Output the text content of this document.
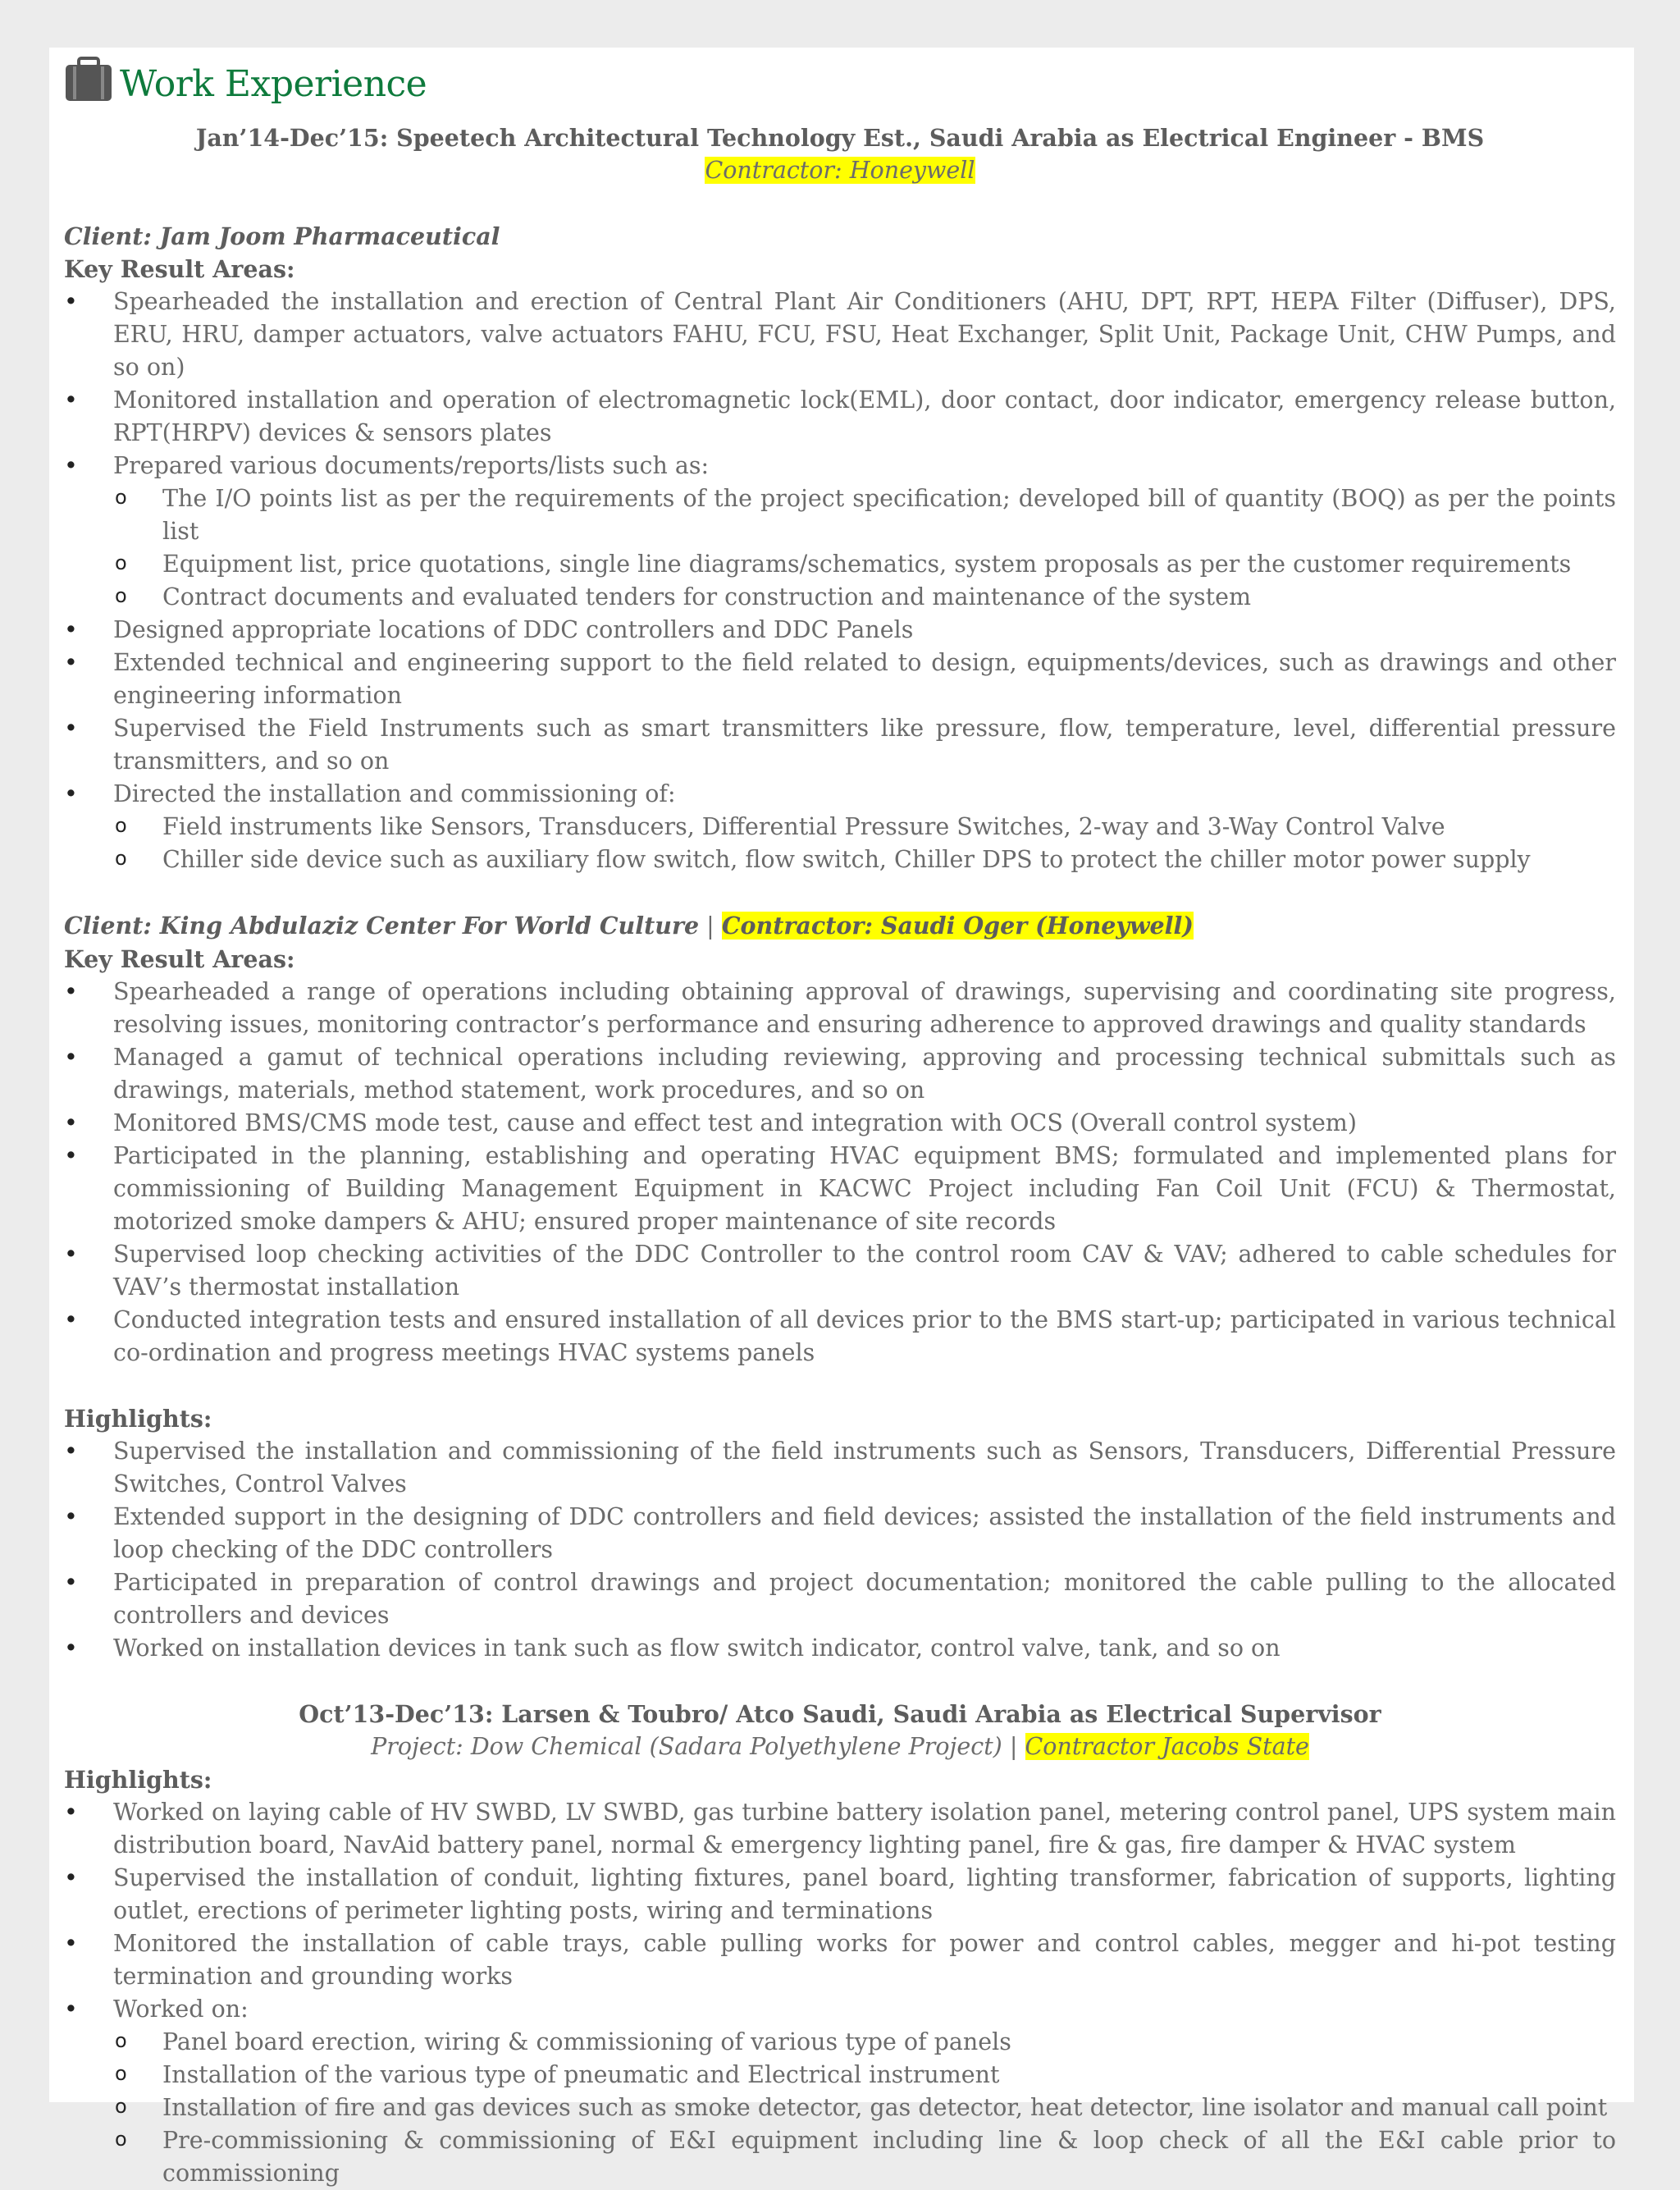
Work Experience
Jan’14-Dec’15: Speetech Architectural Technology Est., Saudi Arabia as Electrical Engineer - BMS
Contractor: Honeywell
Client: Jam Joom Pharmaceutical
Key Result Areas:
• Spearheaded the installation and erection of Central Plant Air Conditioners (AHU, DPT, RPT, HEPA Filter (Diffuser), DPS, ERU, HRU, damper actuators, valve actuators FAHU, FCU, FSU, Heat Exchanger, Split Unit, Package Unit, CHW Pumps, and so on)
• Monitored installation and operation of electromagnetic lock(EML), door contact, door indicator, emergency release button, RPT(HRPV) devices & sensors plates
• Prepared various documents/reports/lists such as:
o The I/O points list as per the requirements of the project specification; developed bill of quantity (BOQ) as per the points list
o Equipment list, price quotations, single line diagrams/schematics, system proposals as per the customer requirements
o Contract documents and evaluated tenders for construction and maintenance of the system
• Designed appropriate locations of DDC controllers and DDC Panels
• Extended technical and engineering support to the field related to design, equipments/devices, such as drawings and other engineering information
• Supervised the Field Instruments such as smart transmitters like pressure, flow, temperature, level, differential pressure transmitters, and so on
• Directed the installation and commissioning of:
o Field instruments like Sensors, Transducers, Differential Pressure Switches, 2-way and 3-Way Control Valve
o Chiller side device such as auxiliary flow switch, flow switch, Chiller DPS to protect the chiller motor power supply
Client: King Abdulaziz Center For World Culture | Contractor: Saudi Oger (Honeywell)
Key Result Areas:
• Spearheaded a range of operations including obtaining approval of drawings, supervising and coordinating site progress, resolving issues, monitoring contractor’s performance and ensuring adherence to approved drawings and quality standards
• Managed a gamut of technical operations including reviewing, approving and processing technical submittals such as drawings, materials, method statement, work procedures, and so on
• Monitored BMS/CMS mode test, cause and effect test and integration with OCS (Overall control system)
• Participated in the planning, establishing and operating HVAC equipment BMS; formulated and implemented plans for commissioning of Building Management Equipment in KACWC Project including Fan Coil Unit (FCU) & Thermostat, motorized smoke dampers & AHU; ensured proper maintenance of site records
• Supervised loop checking activities of the DDC Controller to the control room CAV & VAV; adhered to cable schedules for VAV’s thermostat installation
• Conducted integration tests and ensured installation of all devices prior to the BMS start-up; participated in various technical co-ordination and progress meetings HVAC systems panels
Highlights:
• Supervised the installation and commissioning of the field instruments such as Sensors, Transducers, Differential Pressure Switches, Control Valves
• Extended support in the designing of DDC controllers and field devices; assisted the installation of the field instruments and loop checking of the DDC controllers
• Participated in preparation of control drawings and project documentation; monitored the cable pulling to the allocated controllers and devices
• Worked on installation devices in tank such as flow switch indicator, control valve, tank, and so on
Oct’13-Dec’13: Larsen & Toubro/ Atco Saudi, Saudi Arabia as Electrical Supervisor
Project: Dow Chemical (Sadara Polyethylene Project) | Contractor Jacobs State
Highlights:
• Worked on laying cable of HV SWBD, LV SWBD, gas turbine battery isolation panel, metering control panel, UPS system main distribution board, NavAid battery panel, normal & emergency lighting panel, fire & gas, fire damper & HVAC system
• Supervised the installation of conduit, lighting fixtures, panel board, lighting transformer, fabrication of supports, lighting outlet, erections of perimeter lighting posts, wiring and terminations
• Monitored the installation of cable trays, cable pulling works for power and control cables, megger and hi-pot testing termination and grounding works
• Worked on:
o Panel board erection, wiring & commissioning of various type of panels
o Installation of the various type of pneumatic and Electrical instrument
o Installation of fire and gas devices such as smoke detector, gas detector, heat detector, line isolator and manual call point
o Pre-commissioning & commissioning of E&I equipment including line & loop check of all the E&I cable prior to commissioning
